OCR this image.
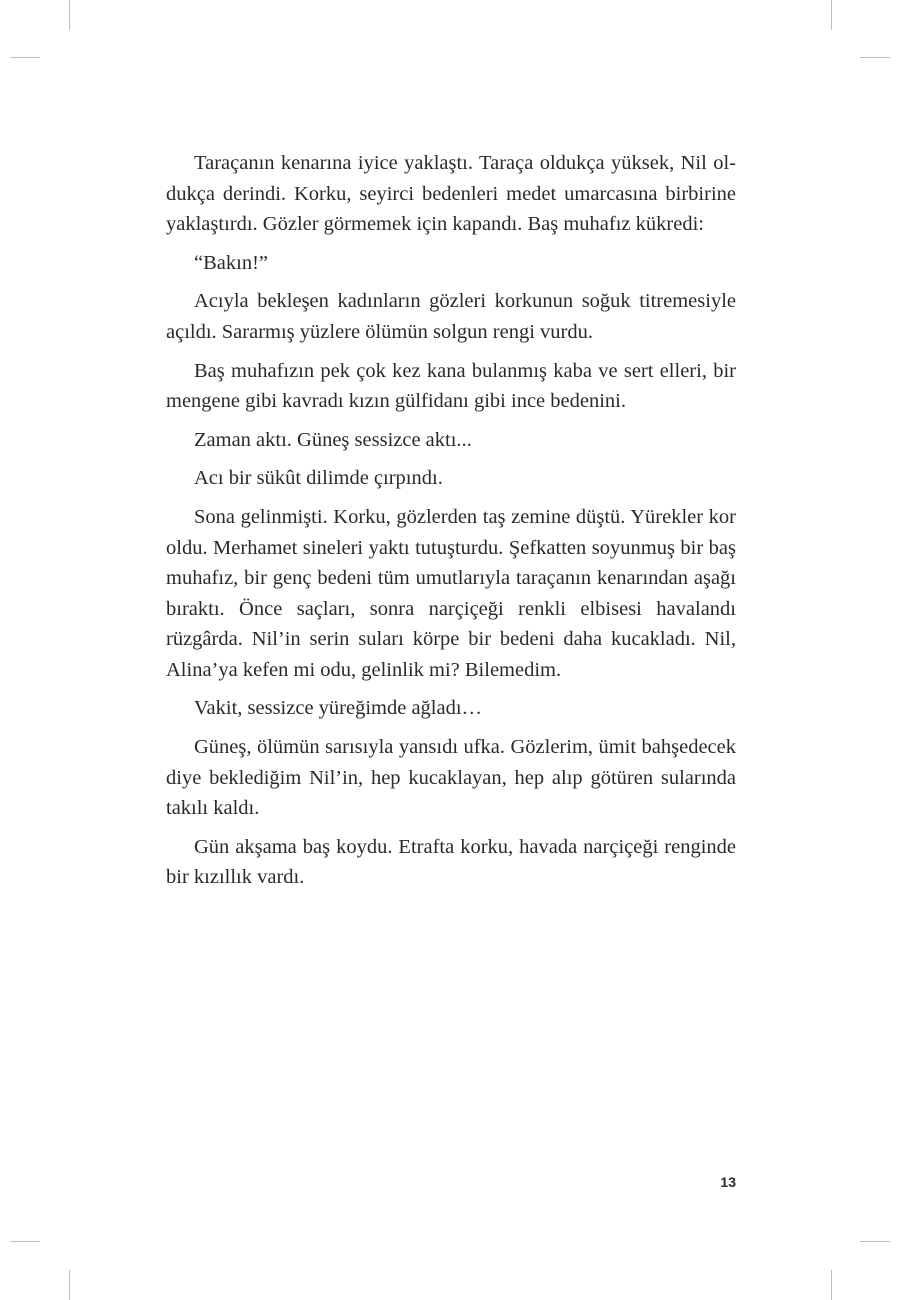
Taraçanın kenarına iyice yaklaştı. Taraça oldukça yüksek, Nil oldukça derindi. Korku, seyirci bedenleri medet umarcasına birbirine yaklaştırdı. Gözler görmemek için kapandı. Baş muhafız kükredi:

“Bakın!”

Acıyla bekleşen kadınların gözleri korkunun soğuk titremesiyle açıldı. Sararmış yüzlere ölümün solgun rengi vurdu.

Baş muhafızın pek çok kez kana bulanmış kaba ve sert elleri, bir mengene gibi kavradı kızın gülfidanı gibi ince bedenini.

Zaman aktı. Güneş sessizce aktı...

Acı bir sükût dilimde çırpındı.

Sona gelinmişti. Korku, gözlerden taş zemine düştü. Yürekler kor oldu. Merhamet sineleri yaktı tutuşturdu. Şefkatten soyunmuş bir baş muhafız, bir genç bedeni tüm umutlarıyla taraçanın kenarından aşağı bıraktı. Önce saçları, sonra narçiçeği renkli elbisesi havalandı rüzgârda. Nil’in serin suları körpe bir bedeni daha kucakladı. Nil, Alina’ya kefen mi odu, gelinlik mi? Bilemedim.

Vakit, sessizce yüreğimde ağladı…

Güneş, ölümün sarısıyla yansıdı ufka. Gözlerim, ümit bahşedecek diye beklediğim Nil’in, hep kucaklayan, hep alıp götüren sularında takılı kaldı.

Gün akşama baş koydu. Etrafta korku, havada narçiçeği renginde bir kızıllık vardı.

13
